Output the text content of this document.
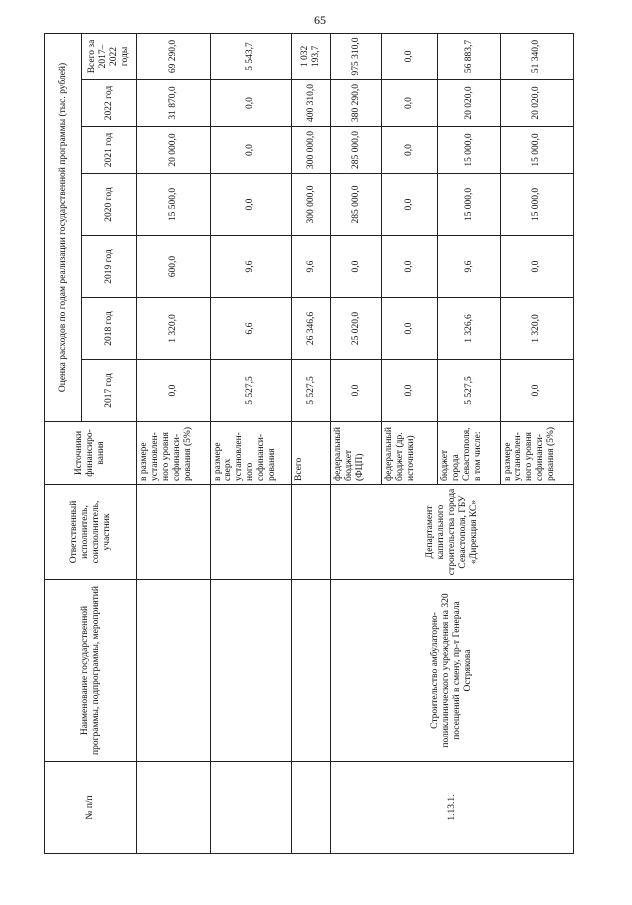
65
№ п/п	Наименование государственной программы, подпрограммы, мероприятий	Ответственный исполнитель, соисполнитель, участник	Источники финансиро-вания	Оценка расходов по годам реализации государственной программы (тыс. рублей)						
				2017 год	2018 год	2019 год	2020 год	2021 год	2022 год	Всего за 2017–2022 годы
			в размере установлен-ного уровня софинанси-рования (5%)	0,0	1 320,0	600,0	15 500,0	20 000,0	31 870,0	69 290,0
			в размере сверх установлен-ного софинанси-рования	5 527,5	6,6	9,6	0,0	0,0	0,0	5 543,7
			Всего	5 527,5	26 346,6	9,6	300 000,0	300 000,0	400 310,0	1 032 193,7
1.13.1.	Строительство амбулаторно-поликлинического учреждения на 320 посещений в смену, пр-т Генерала Острякова	Департамент капитального строительства города Севастополя, ГБУ «Дирекция КС»	федеральный бюджет (ФЦП)	0,0	25 020,0	0,0	285 000,0	285 000,0	380 290,0	975 310,0
			федеральный бюджет (др. источники)	0,0	0,0	0,0	0,0	0,0	0,0	0,0
			бюджет города Севастополя, в том числе:	5 527,5	1 326,6	9,6	15 000,0	15 000,0	20 020,0	56 883,7
			в размере установлен-ного уровня софинанси-рования (5%)	0,0	1 320,0	0,0	15 000,0	15 000,0	20 020,0	51 340,0
